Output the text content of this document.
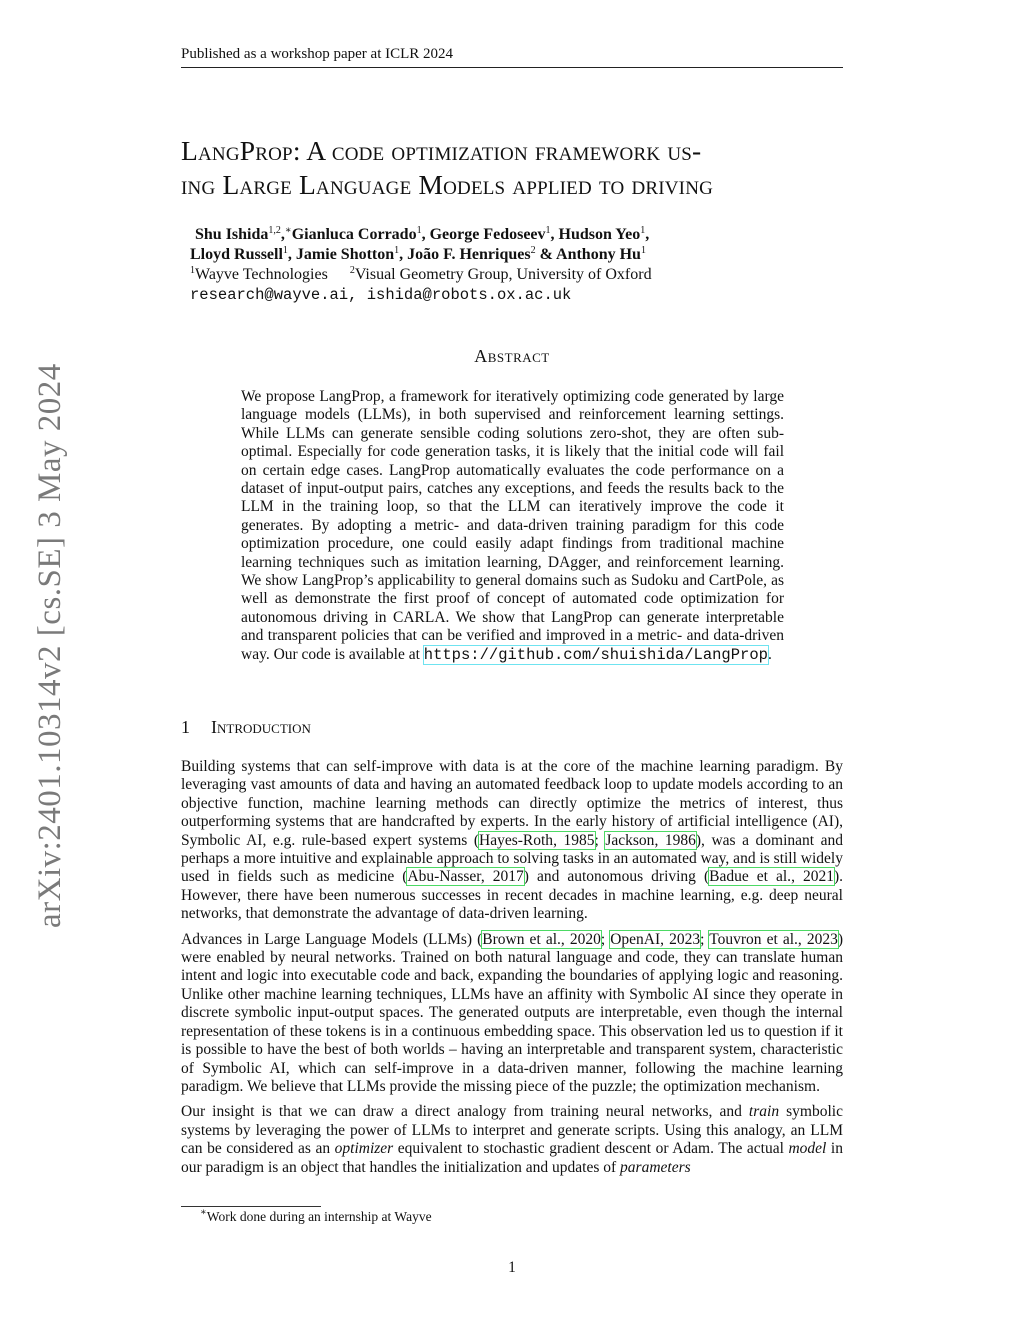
Published as a workshop paper at ICLR 2024
arXiv:2401.10314v2 [cs.SE] 3 May 2024
LangProp: A code optimization framework us-
ing Large Language Models applied to driving
Shu Ishida$^{1,2}$,∗Gianluca Corrado$^1$, George Fedoseev$^1$, Hudson Yeo$^1$,
Lloyd Russell$^1$, Jamie Shotton$^1$, João F. Henriques$^2$ & Anthony Hu$^1$
$^1$Wayve Technologies $^2$Visual Geometry Group, University of Oxford
research@wayve.ai, ishida@robots.ox.ac.uk
Abstract
We propose LangProp, a framework for iteratively optimizing code generated by large language models (LLMs), in both supervised and reinforcement learning settings. While LLMs can generate sensible coding solutions zero-shot, they are often sub-optimal. Especially for code generation tasks, it is likely that the initial code will fail on certain edge cases. LangProp automatically evaluates the code performance on a dataset of input-output pairs, catches any exceptions, and feeds the results back to the LLM in the training loop, so that the LLM can iteratively improve the code it generates. By adopting a metric- and data-driven training paradigm for this code optimization procedure, one could easily adapt findings from traditional machine learning techniques such as imitation learning, DAgger, and reinforcement learning. We show LangProp’s applicability to general domains such as Sudoku and CartPole, as well as demonstrate the first proof of concept of automated code optimization for autonomous driving in CARLA. We show that LangProp can generate interpretable and transparent policies that can be verified and improved in a metric- and data-driven way. Our code is available at https://github.com/shuishida/LangProp.
1 Introduction

Building systems that can self-improve with data is at the core of the machine learning paradigm. By leveraging vast amounts of data and having an automated feedback loop to update models according to an objective function, machine learning methods can directly optimize the metrics of interest, thus outperforming systems that are handcrafted by experts. In the early history of artificial intelligence (AI), Symbolic AI, e.g. rule-based expert systems (Hayes-Roth, 1985; Jackson, 1986), was a dominant and perhaps a more intuitive and explainable approach to solving tasks in an automated way, and is still widely used in fields such as medicine (Abu-Nasser, 2017) and autonomous driving (Badue et al., 2021). However, there have been numerous successes in recent decades in machine learning, e.g. deep neural networks, that demonstrate the advantage of data-driven learning.

Advances in Large Language Models (LLMs) (Brown et al., 2020; OpenAI, 2023; Touvron et al., 2023) were enabled by neural networks. Trained on both natural language and code, they can translate human intent and logic into executable code and back, expanding the boundaries of applying logic and reasoning. Unlike other machine learning techniques, LLMs have an affinity with Symbolic AI since they operate in discrete symbolic input-output spaces. The generated outputs are interpretable, even though the internal representation of these tokens is in a continuous embedding space. This observation led us to question if it is possible to have the best of both worlds – having an interpretable and transparent system, characteristic of Symbolic AI, which can self-improve in a data-driven manner, following the machine learning paradigm. We believe that LLMs provide the missing piece of the puzzle; the optimization mechanism.

Our insight is that we can draw a direct analogy from training neural networks, and train symbolic systems by leveraging the power of LLMs to interpret and generate scripts. Using this analogy, an LLM can be considered as an optimizer equivalent to stochastic gradient descent or Adam. The actual model in our paradigm is an object that handles the initialization and updates of parameters

∗Work done during an internship at Wayve
1
